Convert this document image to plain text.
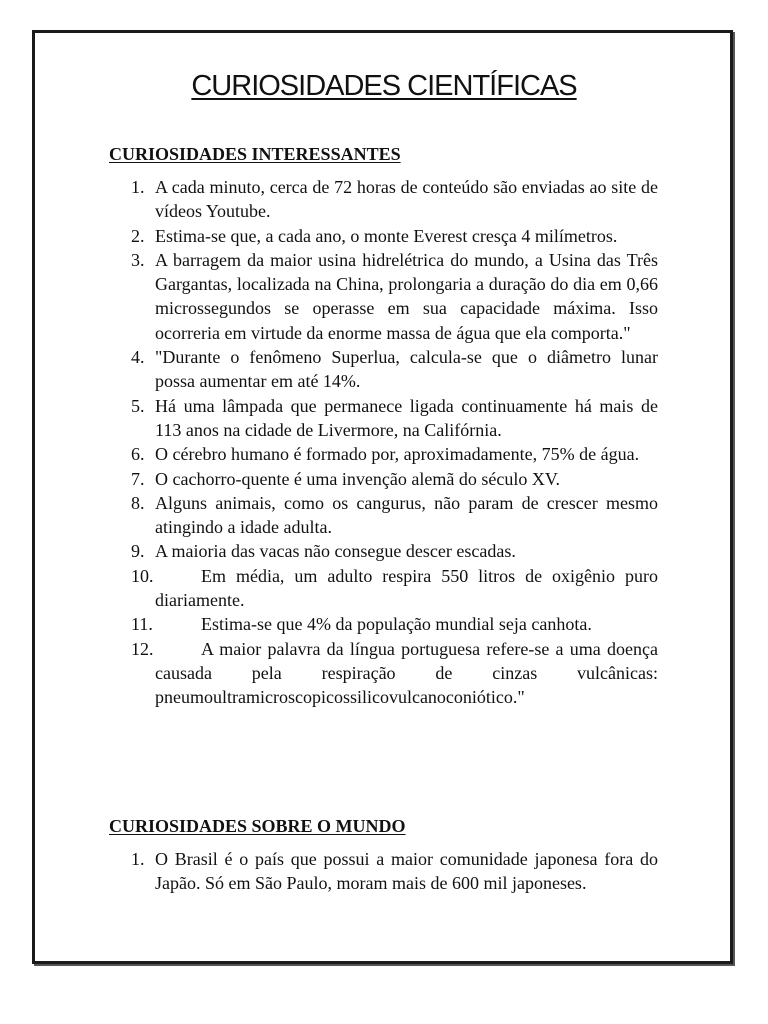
CURIOSIDADES CIENTÍFICAS
CURIOSIDADES INTERESSANTES
1. A cada minuto, cerca de 72 horas de conteúdo são enviadas ao site de vídeos Youtube.
2. Estima-se que, a cada ano, o monte Everest cresça 4 milímetros.
3. A barragem da maior usina hidrelétrica do mundo, a Usina das Três Gargantas, localizada na China, prolongaria a duração do dia em 0,66 microssegundos se operasse em sua capacidade máxima. Isso ocorreria em virtude da enorme massa de água que ela comporta."
4. "Durante o fenômeno Superlua, calcula-se que o diâmetro lunar possa aumentar em até 14%.
5. Há uma lâmpada que permanece ligada continuamente há mais de 113 anos na cidade de Livermore, na Califórnia.
6. O cérebro humano é formado por, aproximadamente, 75% de água.
7. O cachorro-quente é uma invenção alemã do século XV.
8. Alguns animais, como os cangurus, não param de crescer mesmo atingindo a idade adulta.
9. A maioria das vacas não consegue descer escadas.
10.	Em média, um adulto respira 550 litros de oxigênio puro diariamente.
11.	Estima-se que 4% da população mundial seja canhota.
12.	A maior palavra da língua portuguesa refere-se a uma doença causada pela respiração de cinzas vulcânicas: pneumoultramicroscopicossilicovulcanoconiótico."
CURIOSIDADES SOBRE O MUNDO
1. O Brasil é o país que possui a maior comunidade japonesa fora do Japão. Só em São Paulo, moram mais de 600 mil japoneses.
